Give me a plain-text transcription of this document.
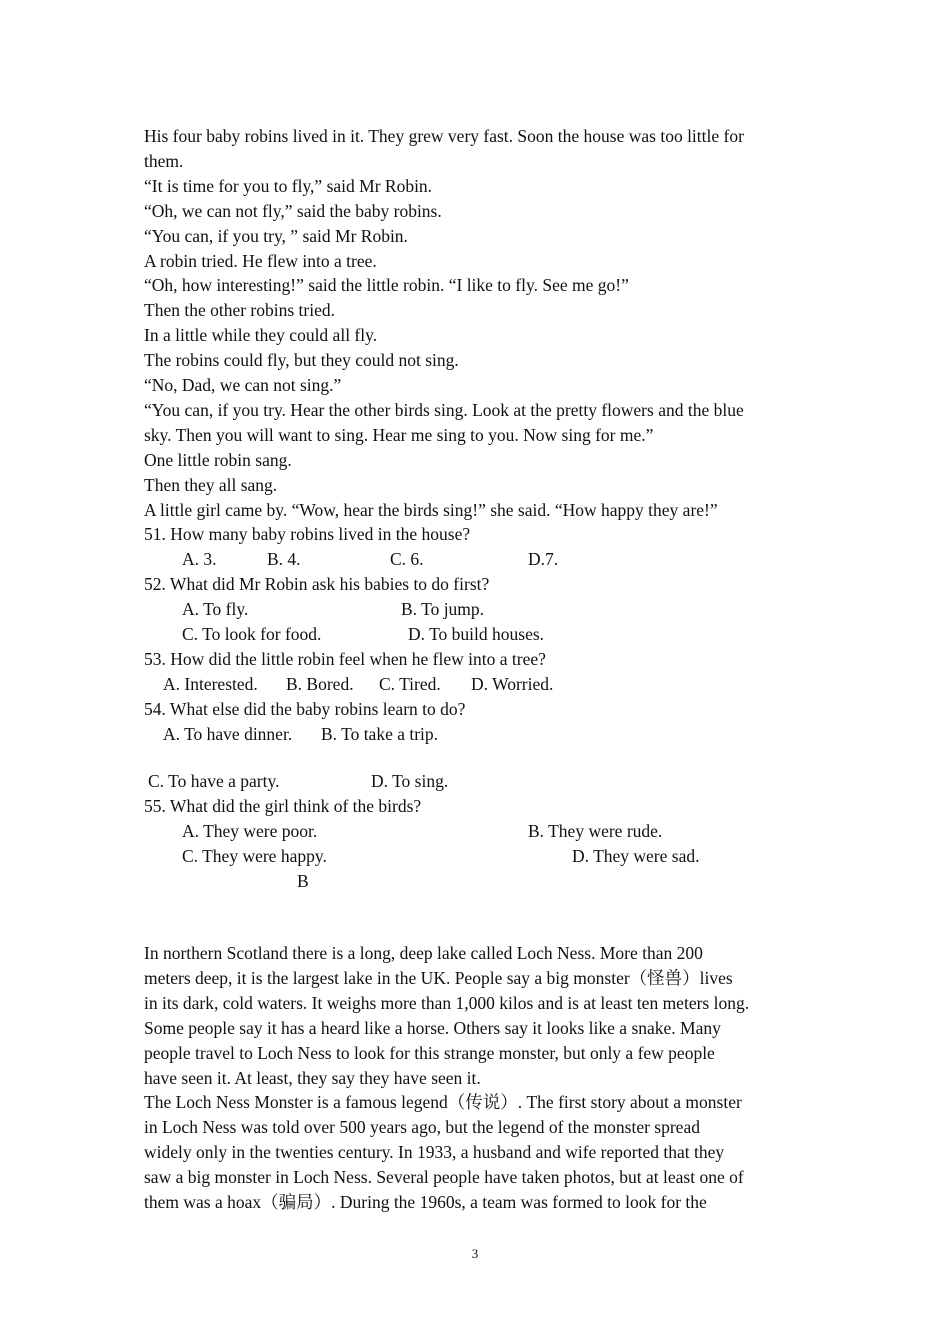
His four baby robins lived in it. They grew very fast. Soon the house was too little for

them.

“It is time for you to fly,” said Mr Robin.

“Oh, we can not fly,” said the baby robins.

“You can, if you try, ” said Mr Robin.

A robin tried. He flew into a tree.

“Oh, how interesting!” said the little robin. “I like to fly. See me go!”

Then the other robins tried.

In a little while they could all fly.

The robins could fly, but they could not sing.

“No, Dad, we can not sing.”

“You can, if you try. Hear the other birds sing. Look at the pretty flowers and the blue

sky. Then you will want to sing. Hear me sing to you. Now sing for me.”

One little robin sang.

Then they all sang.

A little girl came by. “Wow, hear the birds sing!” she said. “How happy they are!”

51. How many baby robins lived in the house?

A. 3.	B. 4.	C. 6.	D.7.

52. What did Mr Robin ask his babies to do first?

A. To fly.	B. To jump.
C. To look for food.	D. To build houses.

53. How did the little robin feel when he flew into a tree?

A. Interested. B. Bored. C. Tired. D. Worried.

54. What else did the baby robins learn to do?

A. To have dinner. B. To take a trip.
C. To have a party.	D. To sing.

55. What did the girl think of the birds?

A. They were poor.	B. They were rude.
C. They were happy.	D. They were sad.
B

In northern Scotland there is a long, deep lake called Loch Ness. More than 200

meters deep, it is the largest lake in the UK. People say a big monster（怪兽）lives

in its dark, cold waters. It weighs more than 1,000 kilos and is at least ten meters long.

Some people say it has a heard like a horse. Others say it looks like a snake. Many

people travel to Loch Ness to look for this strange monster, but only a few people

have seen it. At least, they say they have seen it.

The Loch Ness Monster is a famous legend（传说）. The first story about a monster

in Loch Ness was told over 500 years ago, but the legend of the monster spread

widely only in the twenties century. In 1933, a husband and wife reported that they

saw a big monster in Loch Ness. Several people have taken photos, but at least one of

them was a hoax（骗局）. During the 1960s, a team was formed to look for the

3
